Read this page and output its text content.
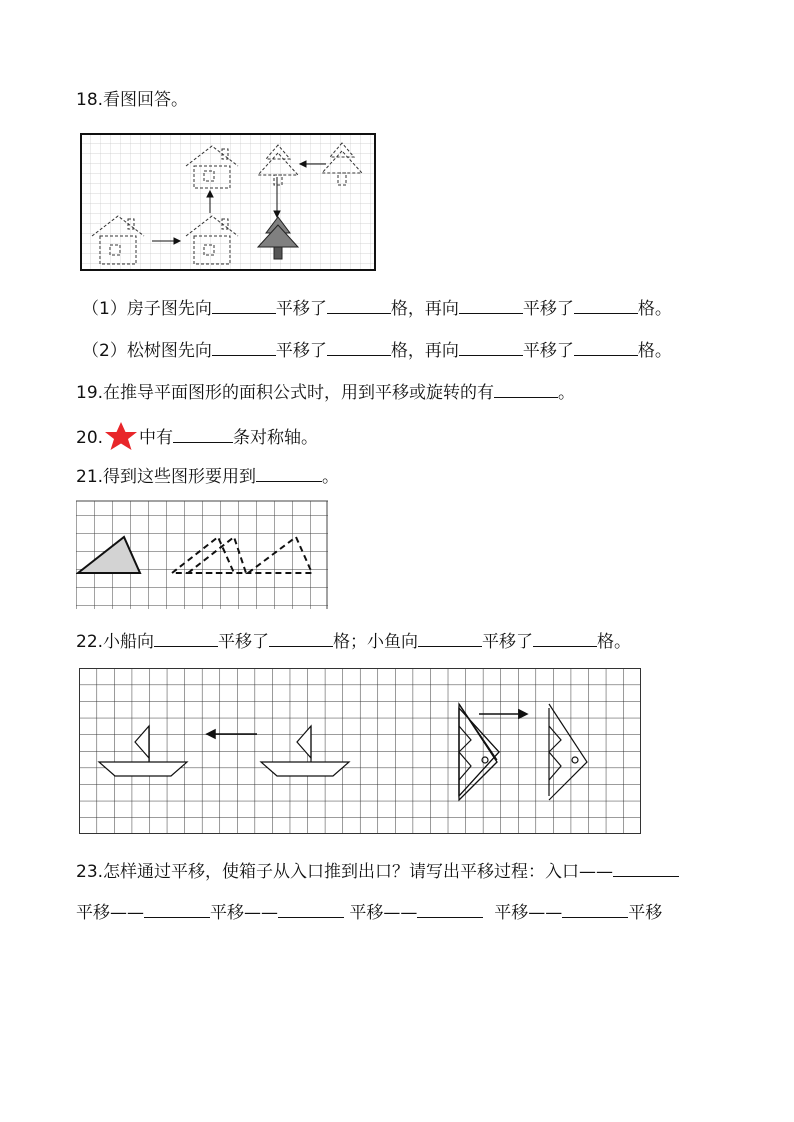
18.看图回答。
（1）房子图先向	平移了	格，再向	平移了	格。
（2）松树图先向	平移了	格，再向	平移了	格。
19.在推导平面图形的面积公式时，用到平移或旋转的有	。
20. 中有	条对称轴。
21.得到这些图形要用到	。
22.小船向	平移了	格；小鱼向	平移了	格。
23.怎样通过平移，使箱子从入口推到出口？请写出平移过程：入口——
平移——	平移——	平移——	平移——	平移
